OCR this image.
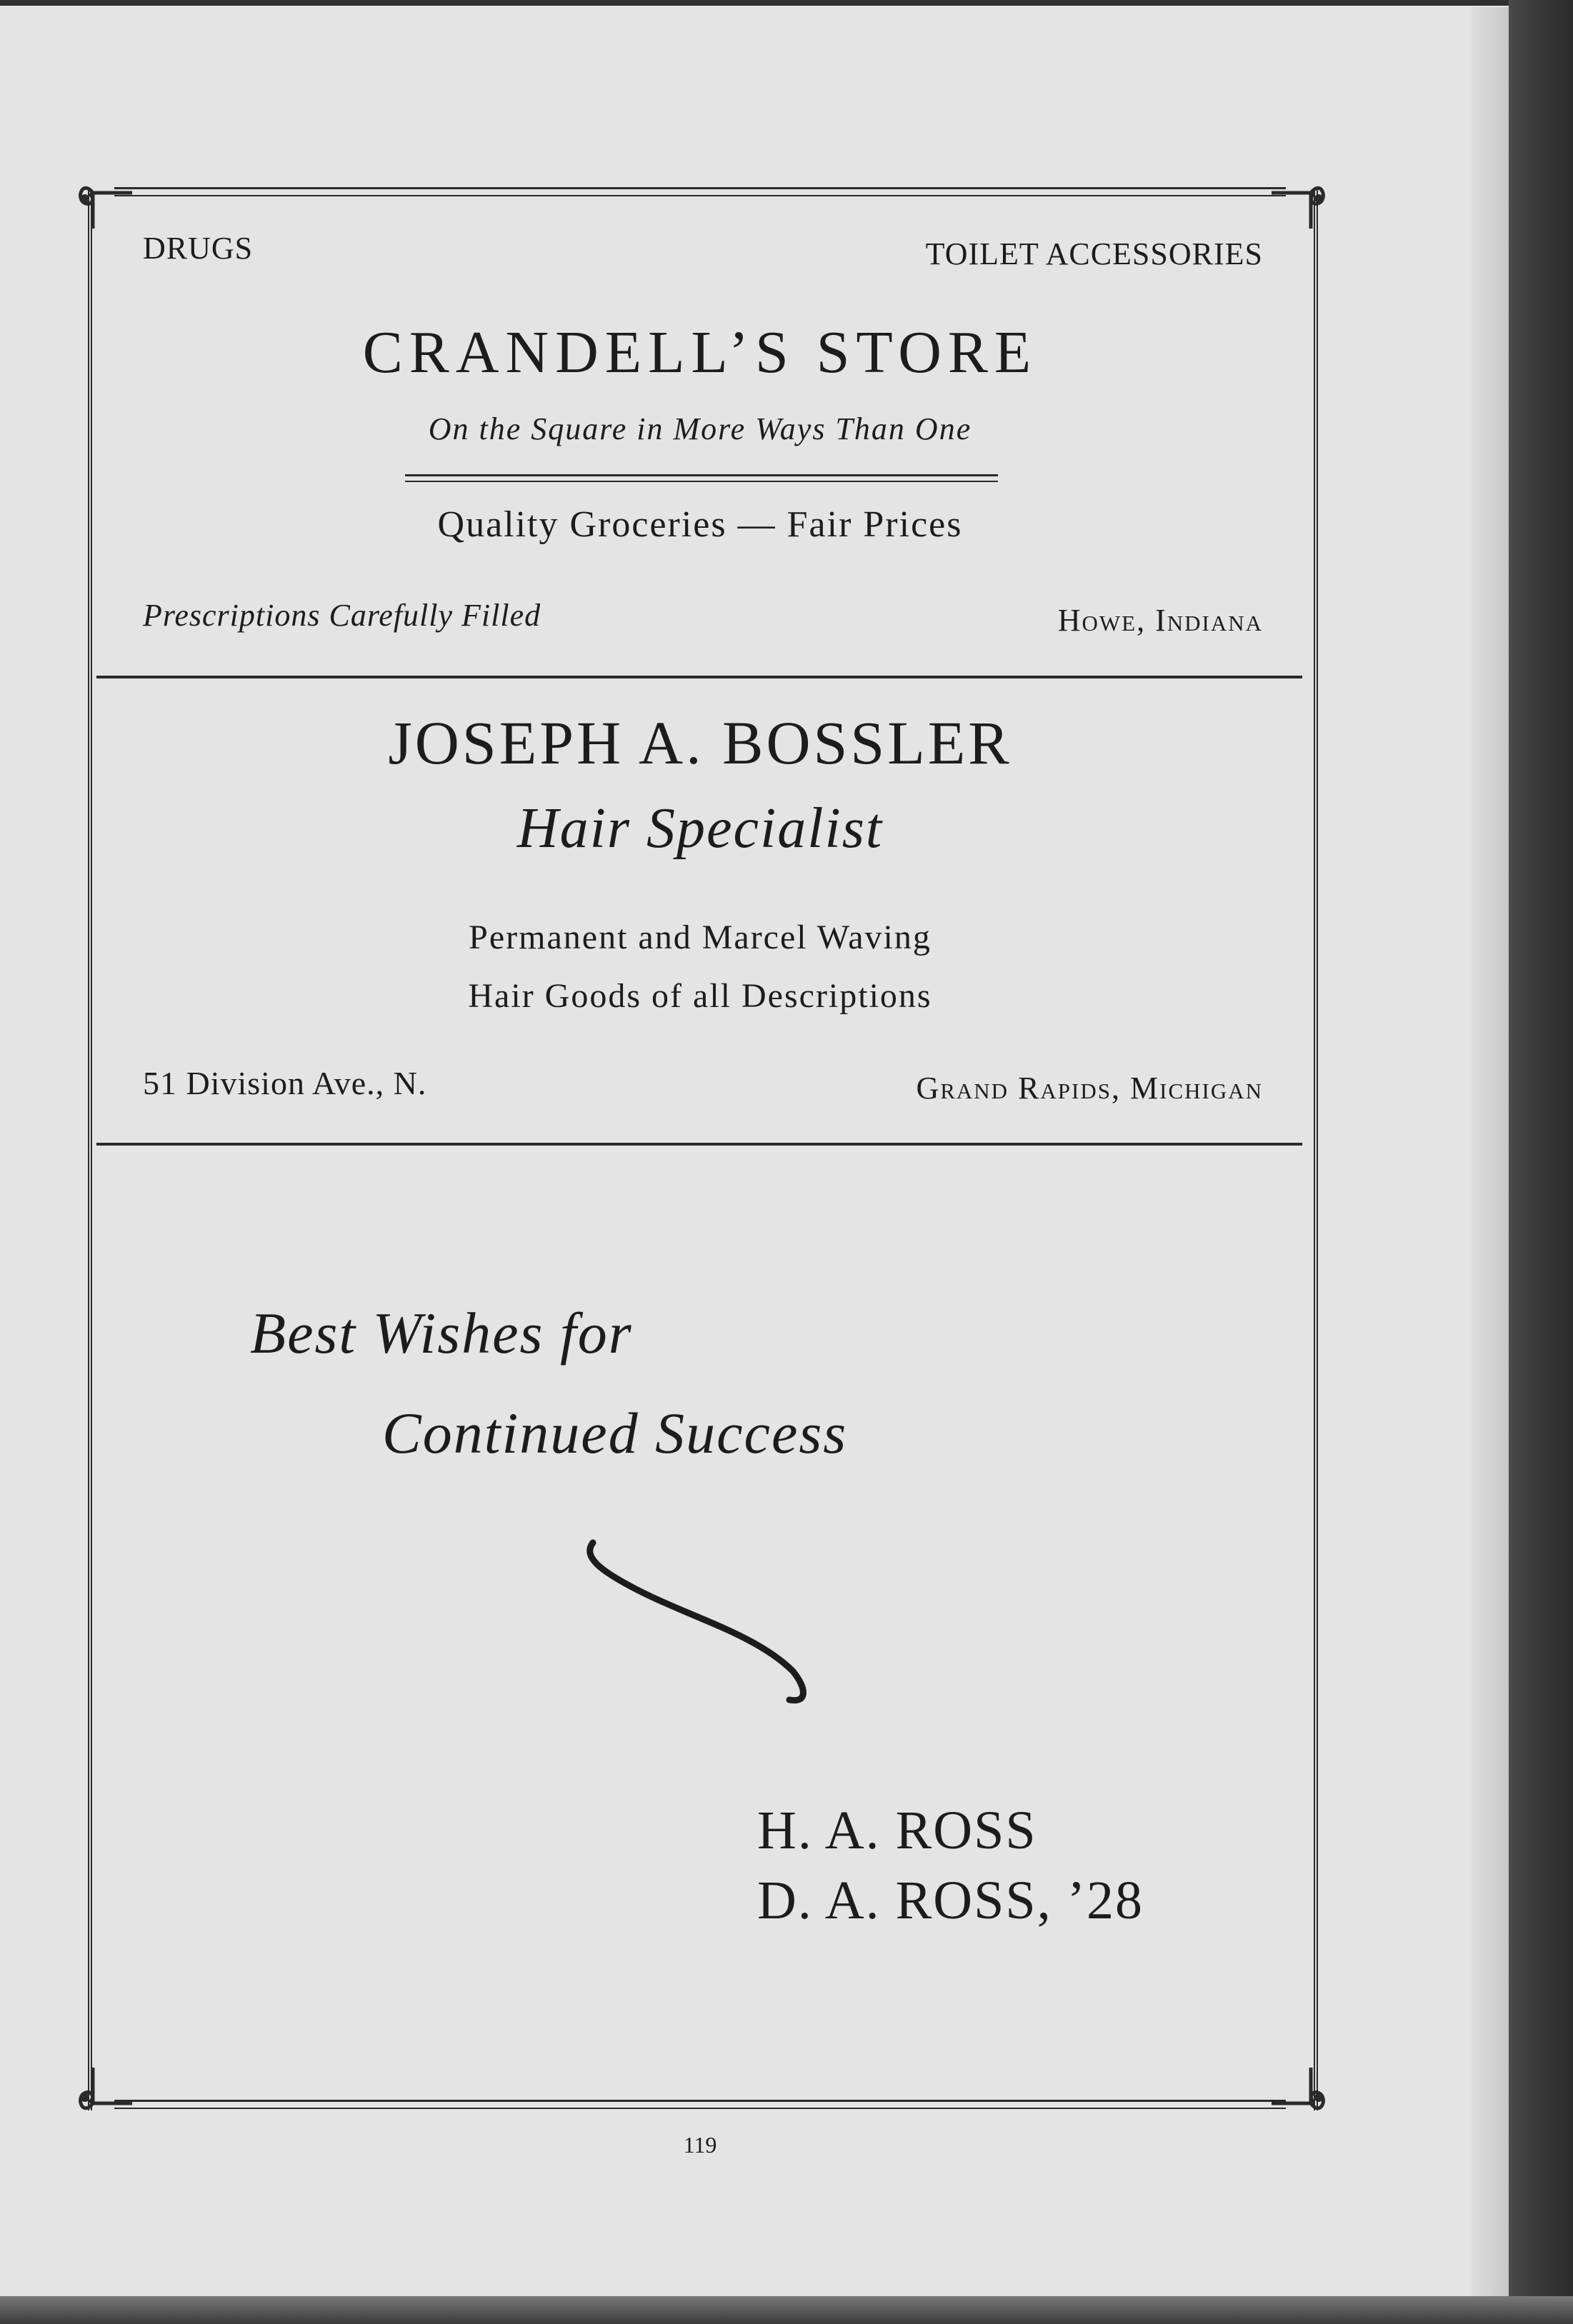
DRUGS	TOILET ACCESSORIES

CRANDELL’S STORE

On the Square in More Ways Than One

Quality Groceries — Fair Prices

Prescriptions Carefully Filled	Howe, Indiana

JOSEPH A. BOSSLER

Hair Specialist

Permanent and Marcel Waving

Hair Goods of all Descriptions

51 Division Ave., N.	Grand Rapids, Michigan

Best Wishes for

Continued Success

H. A. ROSS

D. A. ROSS, ’28

119
